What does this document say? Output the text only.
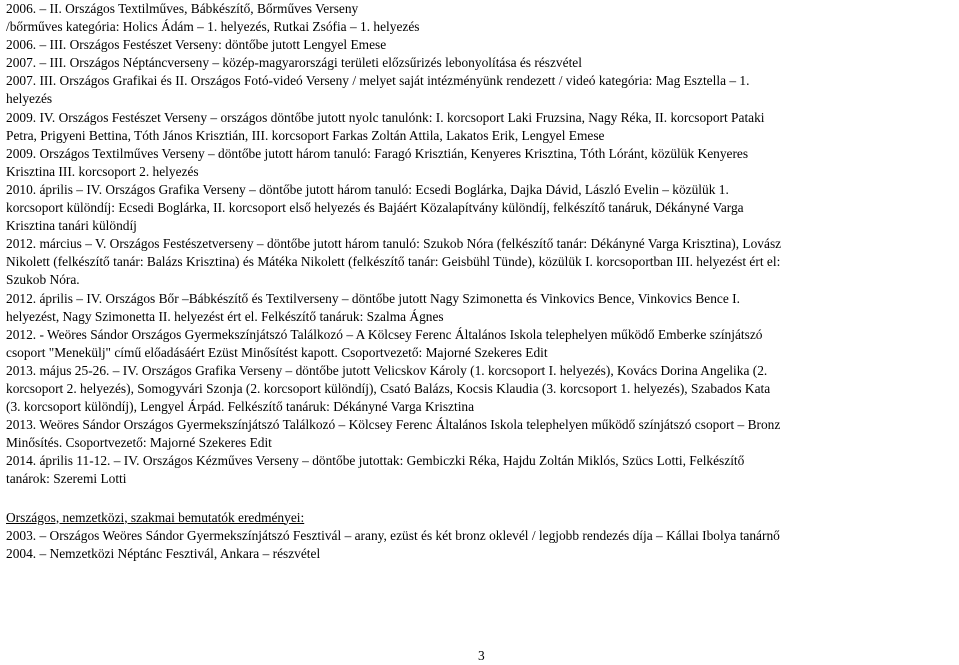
2006. – II. Országos Textilműves, Bábkészítő, Bőrműves Verseny
/bőrműves kategória: Holics Ádám – 1. helyezés, Rutkai Zsófia – 1. helyezés
2006. – III. Országos Festészet Verseny: döntőbe jutott Lengyel Emese
2007. – III. Országos Néptáncverseny – közép-magyarországi területi előzsűrizés lebonyolítása és részvétel
2007. III. Országos Grafikai és II. Országos Fotó-videó Verseny / melyet saját intézményünk rendezett / videó kategória: Mag Esztella – 1.
helyezés
2009. IV. Országos Festészet Verseny – országos döntőbe jutott nyolc tanulónk: I. korcsoport Laki Fruzsina, Nagy Réka, II. korcsoport Pataki
Petra, Prigyeni Bettina, Tóth János Krisztián, III. korcsoport Farkas Zoltán Attila, Lakatos Erik, Lengyel Emese
2009. Országos Textilműves Verseny – döntőbe jutott három tanuló: Faragó Krisztián, Kenyeres Krisztina, Tóth Lóránt, közülük Kenyeres
Krisztina III. korcsoport 2. helyezés
2010. április – IV. Országos Grafika Verseny – döntőbe jutott három tanuló: Ecsedi Boglárka, Dajka Dávid, László Evelin – közülük 1.
korcsoport különdíj: Ecsedi Boglárka, II. korcsoport első helyezés és Bajáért Közalapítvány különdíj, felkészítő tanáruk, Dékányné Varga
Krisztina tanári különdíj
2012. március – V. Országos Festészetverseny – döntőbe jutott három tanuló: Szukob Nóra (felkészítő tanár: Dékányné Varga Krisztina), Lovász
Nikolett (felkészítő tanár: Balázs Krisztina) és Mátéka Nikolett (felkészítő tanár: Geisbühl Tünde), közülük I. korcsoportban III. helyezést ért el:
Szukob Nóra.
2012. április – IV. Országos Bőr –Bábkészítő és Textilverseny – döntőbe jutott Nagy Szimonetta és Vinkovics Bence, Vinkovics Bence I.
helyezést, Nagy Szimonetta II. helyezést ért el. Felkészítő tanáruk: Szalma Ágnes
2012. - Weöres Sándor Országos Gyermekszínjátszó Találkozó – A Kölcsey Ferenc Általános Iskola telephelyen működő Emberke színjátszó
csoport "Menekülj" című előadásáért Ezüst Minősítést kapott. Csoportvezető: Majorné Szekeres Edit
2013. május 25-26. – IV. Országos Grafika Verseny – döntőbe jutott Velicskov Károly (1. korcsoport I. helyezés), Kovács Dorina Angelika (2.
korcsoport 2. helyezés), Somogyvári Szonja (2. korcsoport különdíj), Csató Balázs, Kocsis Klaudia (3. korcsoport 1. helyezés), Szabados Kata
(3. korcsoport különdíj), Lengyel Árpád. Felkészítő tanáruk: Dékányné Varga Krisztina
2013. Weöres Sándor Országos Gyermekszínjátszó Találkozó – Kölcsey Ferenc Általános Iskola telephelyen működő színjátszó csoport – Bronz
Minősítés. Csoportvezető: Majorné Szekeres Edit
2014. április 11-12. – IV. Országos Kézműves Verseny – döntőbe jutottak: Gembiczki Réka, Hajdu Zoltán Miklós, Szücs Lotti, Felkészítő
tanárok: Szeremi Lotti
Országos, nemzetközi, szakmai bemutatók eredményei:
2003. – Országos Weöres Sándor Gyermekszínjátszó Fesztivál – arany, ezüst és két bronz oklevél / legjobb rendezés díja – Kállai Ibolya tanárnő
2004. – Nemzetközi Néptánc Fesztivál, Ankara – részvétel
3
